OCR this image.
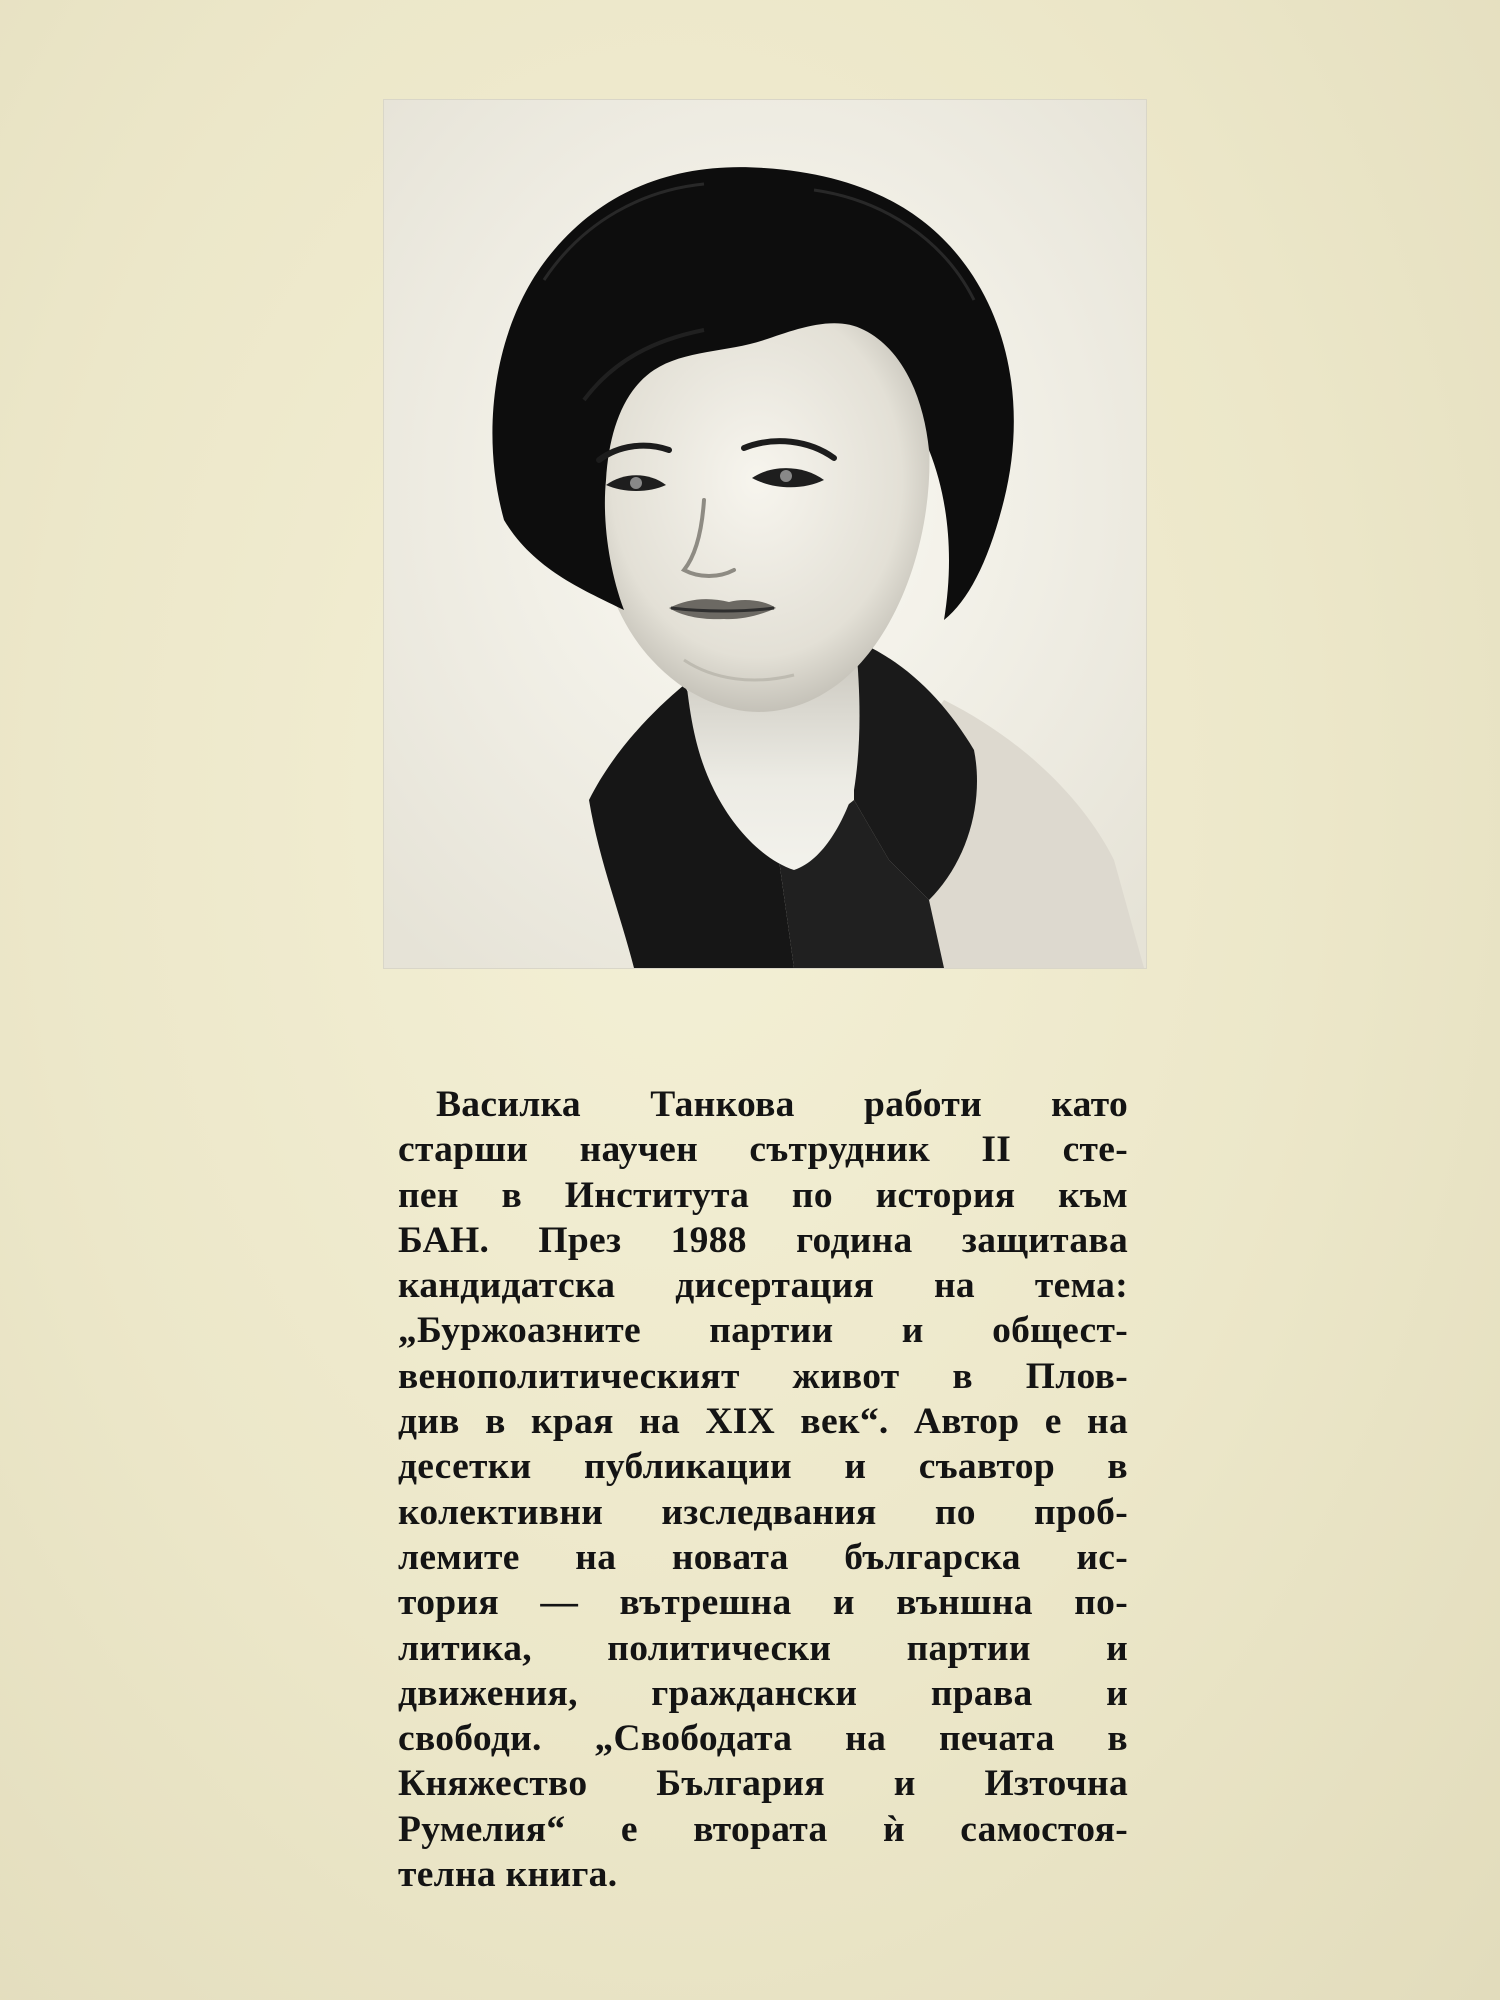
Василка Танкова работи като
старши научен сътрудник II сте-
пен в Института по история към
БАН. През 1988 година защитава
кандидатска дисертация на тема:
„Буржоазните партии и общест-
венополитическият живот в Плов-
див в края на XIX век“. Автор е на
десетки публикации и съавтор в
колективни изследвания по проб-
лемите на новата българска ис-
тория — вътрешна и външна по-
литика, политически партии и
движения, граждански права и
свободи. „Свободата на печата в
Княжество България и Източна
Румелия“ е втората ѝ самостоя-
телна книга.
